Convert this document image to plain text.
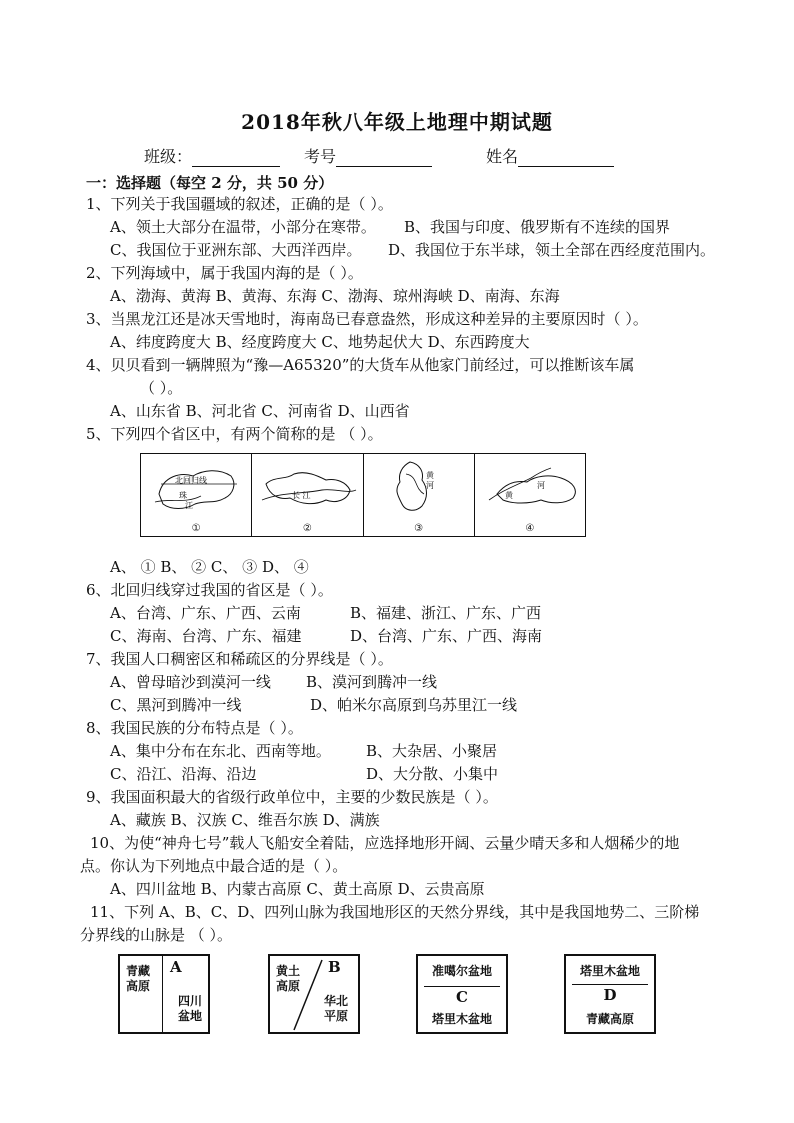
2018年秋八年级上地理中期试题
班级：	考号	姓名
一：选择题（每空 2 分，共 50 分）
1、下列关于我国疆域的叙述，正确的是（ ）。
A、领土大部分在温带，小部分在寒带。 B、我国与印度、俄罗斯有不连续的国界
C、我国位于亚洲东部、大西洋西岸。 D、我国位于东半球，领土全部在西经度范围内。
2、下列海域中，属于我国内海的是（ ）。
A、渤海、黄海 B、黄海、东海 C、渤海、琼州海峡 D、南海、东海
3、当黑龙江还是冰天雪地时，海南岛已春意盎然，形成这种差异的主要原因时（ ）。
A、纬度跨度大 B、经度跨度大 C、地势起伏大 D、东西跨度大
4、贝贝看到一辆牌照为“豫—A65320”的大货车从他家门前经过，可以推断该车属
（ ）。
A、山东省 B、河北省 C、河南省 D、山西省
5、下列四个省区中，有两个简称的是 （ ）。
北回归线
珠
江
①
长 江
②
黄
河
③
黄
河
④
A、 ① B、 ② C、 ③ D、 ④
6、北回归线穿过我国的省区是（ ）。
A、台湾、广东、广西、云南	B、福建、浙江、广东、广西
C、海南、台湾、广东、福建	D、台湾、广东、广西、海南
7、我国人口稠密区和稀疏区的分界线是（ ）。
A、曾母暗沙到漠河一线 B、漠河到腾冲一线
C、黑河到腾冲一线	D、帕米尔高原到乌苏里江一线
8、我国民族的分布特点是（ ）。
A、集中分布在东北、西南等地。 B、大杂居、小聚居
C、沿江、沿海、沿边	D、大分散、小集中
9、我国面积最大的省级行政单位中，主要的少数民族是（ ）。
A、藏族 B、汉族 C、维吾尔族 D、满族
10、为使“神舟七号”载人飞船安全着陆，应选择地形开阔、云量少晴天多和人烟稀少的地
点。你认为下列地点中最合适的是（ ）。
A、四川盆地 B、内蒙古高原 C、黄土高原 D、云贵高原
11、下列 A、B、C、D、四列山脉为我国地形区的天然分界线，其中是我国地势二、三阶梯
分界线的山脉是 （ ）。
青藏
高原
A
四川
盆地
黄土
高原
B
华北
平原
准噶尔盆地
C
塔里木盆地
塔里木盆地
D
青藏高原
